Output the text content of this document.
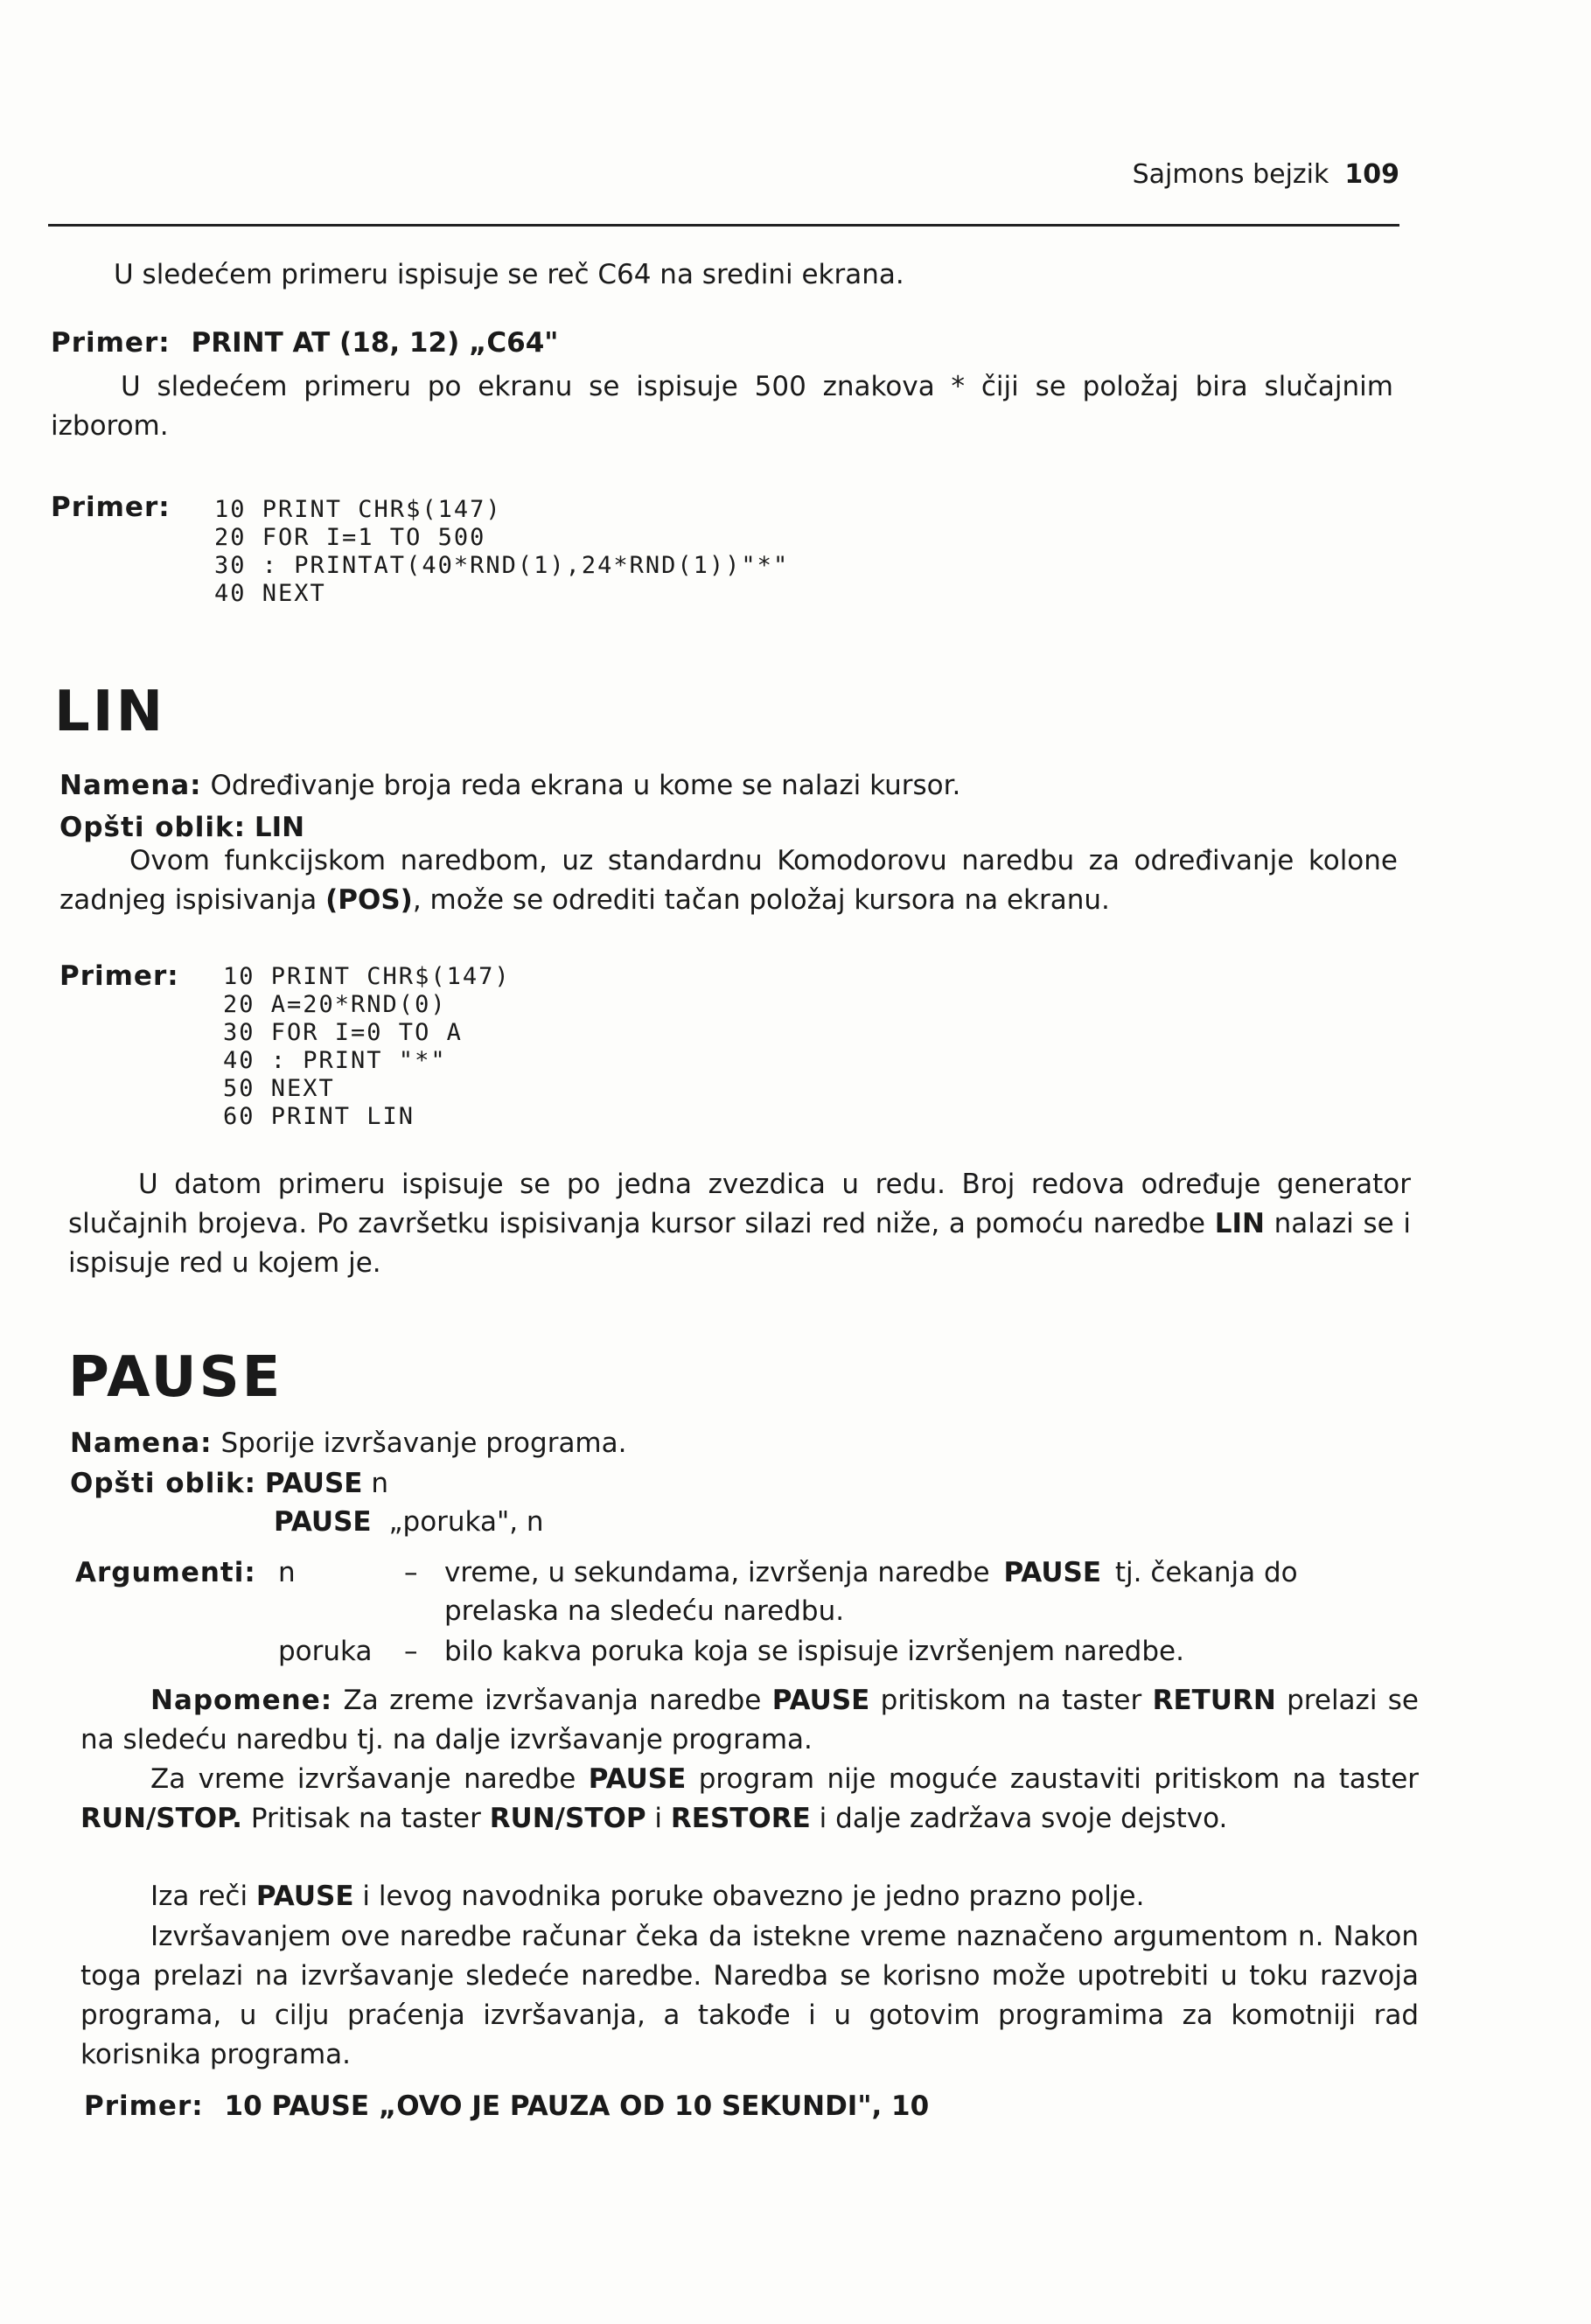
Sajmons bejzik 109
U sledećem primeru ispisuje se reč C64 na sredini ekrana.
Primer: PRINT AT (18, 12) „C64"
U sledećem primeru po ekranu se ispisuje 500 znakova * čiji se položaj bira slučajnim izborom.
Primer: 10 PRINT CHR$(147)
20 FOR I=1 TO 500
30 : PRINTAT(40*RND(1),24*RND(1))"*"
40 NEXT
LIN
Namena: Određivanje broja reda ekrana u kome se nalazi kursor.
Opšti oblik: LIN
Ovom funkcijskom naredbom, uz standardnu Komodorovu naredbu za određivanje kolone zadnjeg ispisivanja (POS), može se odrediti tačan položaj kursora na ekranu.
Primer: 10 PRINT CHR$(147)
20 A=20*RND(0)
30 FOR I=0 TO A
40 : PRINT "*"
50 NEXT
60 PRINT LIN
U datom primeru ispisuje se po jedna zvezdica u redu. Broj redova određuje generator slučajnih brojeva. Po završetku ispisivanja kursor silazi red niže, a pomoću naredbe LIN nalazi se i ispisuje red u kojem je.
PAUSE
Namena: Sporije izvršavanje programa.
Opšti oblik: PAUSE n
PAUSE „poruka", n
Argumenti: n	– vreme, u sekundama, izvršenja naredbe PAUSE tj. čekanja do
prelaska na sledeću naredbu.
poruka – bilo kakva poruka koja se ispisuje izvršenjem naredbe.
Napomene: Za zreme izvršavanja naredbe PAUSE pritiskom na taster RETURN prelazi se na sledeću naredbu tj. na dalje izvršavanje programa.
Za vreme izvršavanje naredbe PAUSE program nije moguće zaustaviti pritiskom na taster RUN/STOP. Pritisak na taster RUN/STOP i RESTORE i dalje zadržava svoje dejstvo.
Iza reči PAUSE i levog navodnika poruke obavezno je jedno prazno polje.
Izvršavanjem ove naredbe računar čeka da istekne vreme naznačeno argumentom n. Nakon toga prelazi na izvršavanje sledeće naredbe. Naredba se korisno može upotrebiti u toku razvoja programa, u cilju praćenja izvršavanja, a takođe i u gotovim programima za komotniji rad korisnika programa.
Primer: 10 PAUSE „OVO JE PAUZA OD 10 SEKUNDI", 10
